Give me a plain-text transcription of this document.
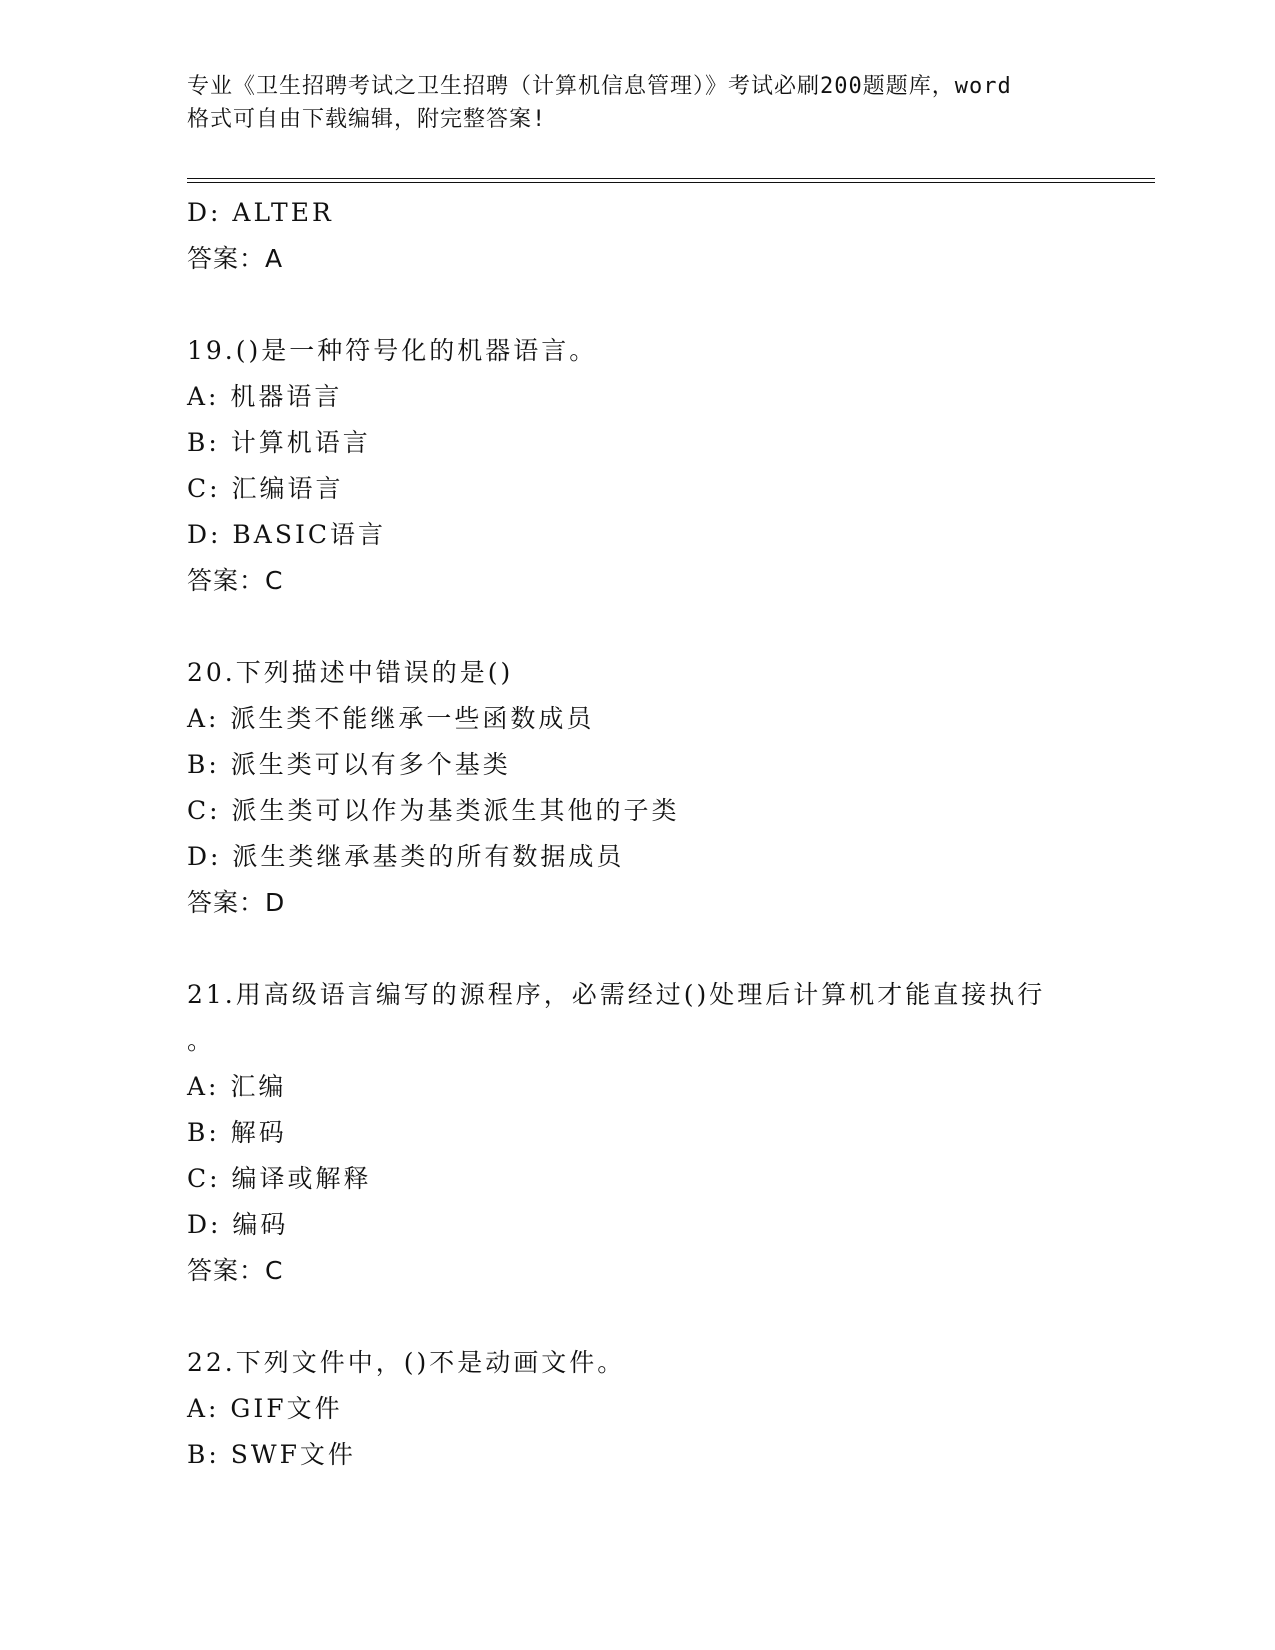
专业《卫生招聘考试之卫生招聘（计算机信息管理）》考试必刷200题题库，word
格式可自由下载编辑，附完整答案!
D: ALTER
答案：A
19.()是一种符号化的机器语言。
A: 机器语言
B: 计算机语言
C: 汇编语言
D: BASIC语言
答案：C
20.下列描述中错误的是()
A: 派生类不能继承一些函数成员
B: 派生类可以有多个基类
C: 派生类可以作为基类派生其他的子类
D: 派生类继承基类的所有数据成员
答案：D
21.用高级语言编写的源程序，必需经过()处理后计算机才能直接执行
。
A: 汇编
B: 解码
C: 编译或解释
D: 编码
答案：C
22.下列文件中，()不是动画文件。
A: GIF文件
B: SWF文件
